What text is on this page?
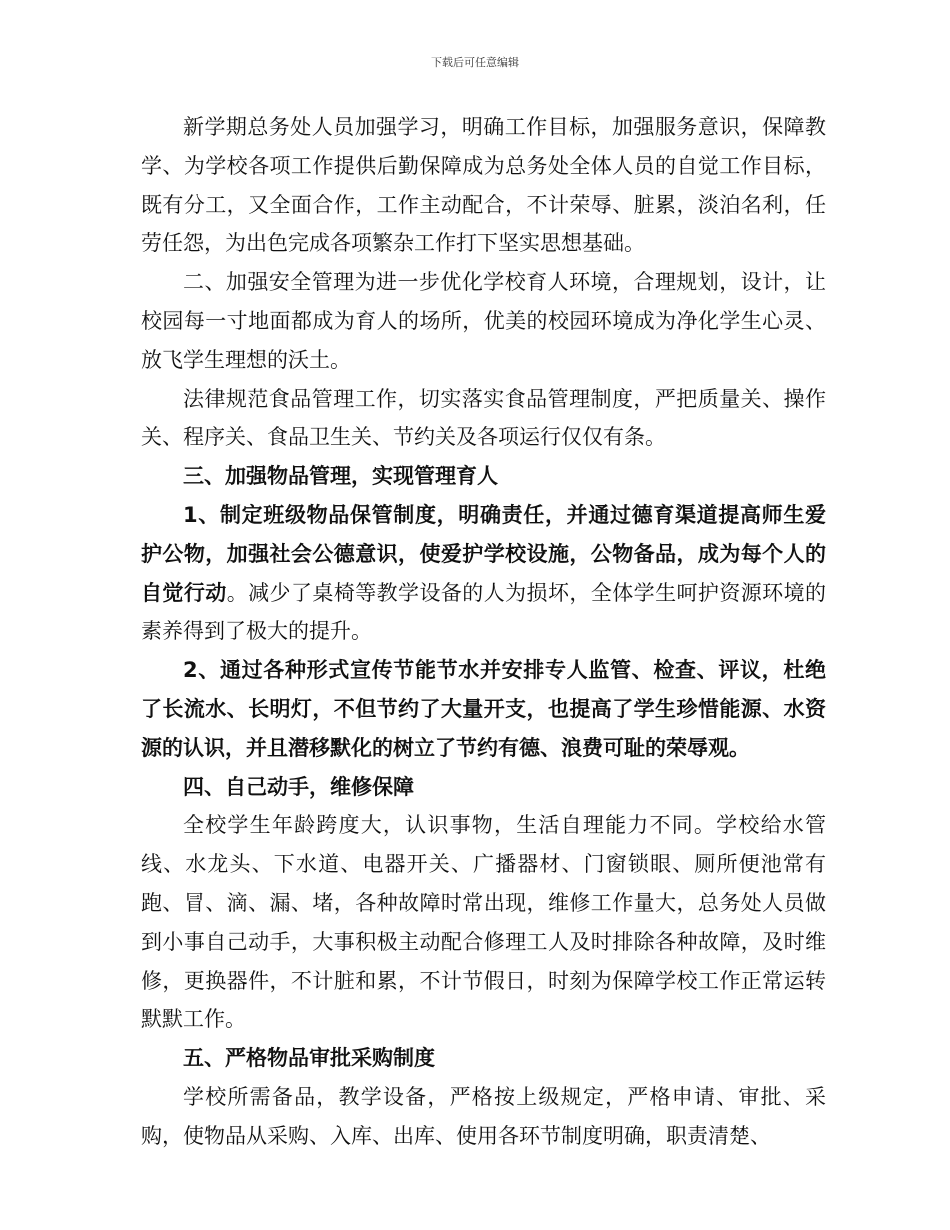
下载后可任意编辑

新学期总务处人员加强学习，明确工作目标，加强服务意识，保障教学、为学校各项工作提供后勤保障成为总务处全体人员的自觉工作目标，既有分工，又全面合作，工作主动配合，不计荣辱、脏累，淡泊名利，任劳任怨，为出色完成各项繁杂工作打下坚实思想基础。

二、加强安全管理为进一步优化学校育人环境，合理规划，设计，让校园每一寸地面都成为育人的场所，优美的校园环境成为净化学生心灵、放飞学生理想的沃土。

法律规范食品管理工作，切实落实食品管理制度，严把质量关、操作关、程序关、食品卫生关、节约关及各项运行仅仅有条。

三、加强物品管理，实现管理育人

1、制定班级物品保管制度，明确责任，并通过德育渠道提高师生爱护公物，加强社会公德意识，使爱护学校设施，公物备品，成为每个人的自觉行动。减少了桌椅等教学设备的人为损坏，全体学生呵护资源环境的素养得到了极大的提升。

2、通过各种形式宣传节能节水并安排专人监管、检查、评议，杜绝了长流水、长明灯，不但节约了大量开支，也提高了学生珍惜能源、水资源的认识，并且潜移默化的树立了节约有德、浪费可耻的荣辱观。

四、自己动手，维修保障

全校学生年龄跨度大，认识事物，生活自理能力不同。学校给水管线、水龙头、下水道、电器开关、广播器材、门窗锁眼、厕所便池常有跑、冒、滴、漏、堵，各种故障时常出现，维修工作量大，总务处人员做到小事自己动手，大事积极主动配合修理工人及时排除各种故障，及时维修，更换器件，不计脏和累，不计节假日，时刻为保障学校工作正常运转默默工作。

五、严格物品审批采购制度

学校所需备品，教学设备，严格按上级规定，严格申请、审批、采购，使物品从采购、入库、出库、使用各环节制度明确，职责清楚、
